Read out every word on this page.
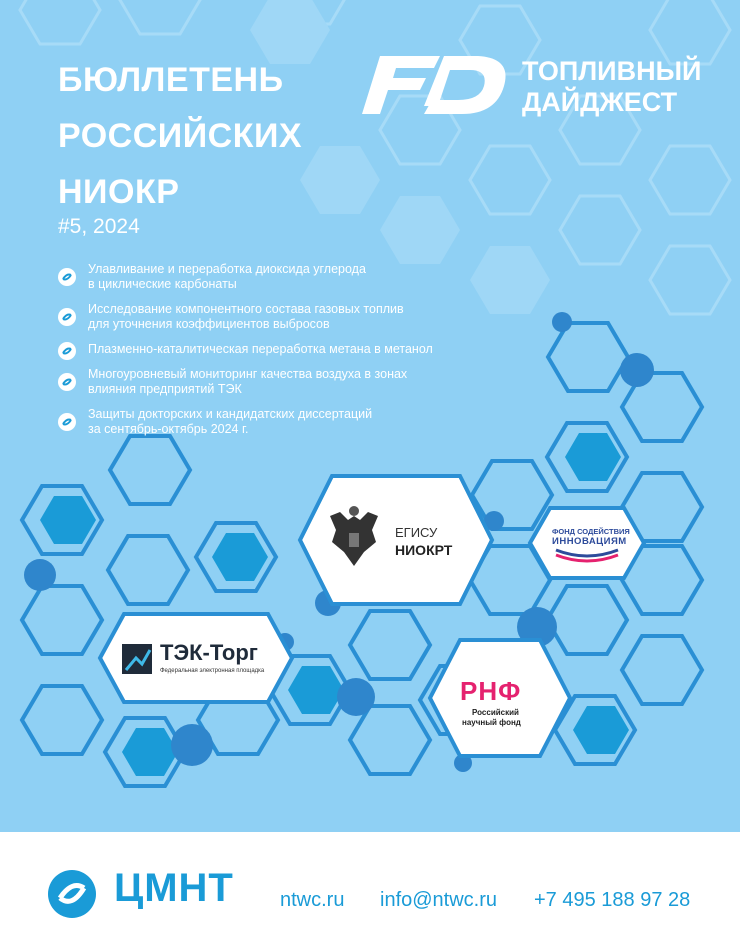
БЮЛЛЕТЕНЬ
РОССИЙСКИХ
НИОКР
#5, 2024
ТОПЛИВНЫЙ
ДАЙДЖЕСТ
Улавливание и переработка диоксида углерода
в циклические карбонаты
Исследование компонентного состава газовых топлив
для уточнения коэффициентов выбросов
Плазменно-каталитическая переработка метана в метанол
Многоуровневый мониторинг качества воздуха в зонах
влияния предприятий ТЭК
Защиты докторских и кандидатских диссертаций
за сентябрь-октябрь 2024 г.
ЕГИСУ
НИОКРТ
ФОНД СОДЕЙСТВИЯ
ИННОВАЦИЯМ
ТЭК-Торг
Федеральная электронная площадка
РНФ
Российский
научный фонд
ЦМНТ ntwc.ru info@ntwc.ru +7 495 188 97 28
